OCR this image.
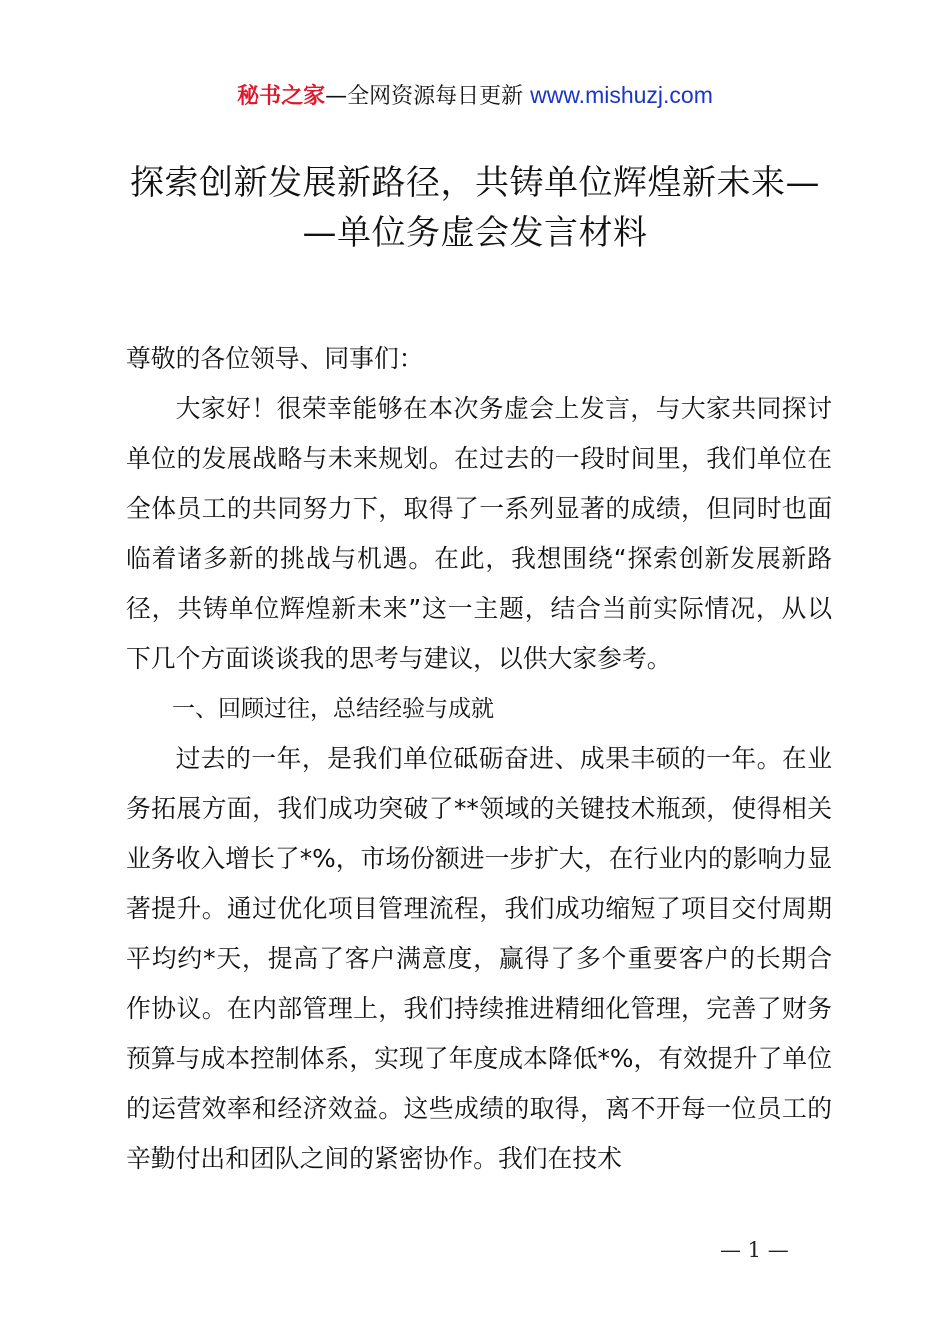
秘书之家—全网资源每日更新 www.mishuzj.com
探索创新发展新路径，共铸单位辉煌新未来—
—单位务虚会发言材料

尊敬的各位领导、同事们：

大家好！很荣幸能够在本次务虚会上发言，与大家共同探讨单位的发展战略与未来规划。在过去的一段时间里，我们单位在全体员工的共同努力下，取得了一系列显著的成绩，但同时也面临着诸多新的挑战与机遇。在此，我想围绕“探索创新发展新路径，共铸单位辉煌新未来”这一主题，结合当前实际情况，从以下几个方面谈谈我的思考与建议，以供大家参考。

一、回顾过往，总结经验与成就

过去的一年，是我们单位砥砺奋进、成果丰硕的一年。在业务拓展方面，我们成功突破了**领域的关键技术瓶颈，使得相关业务收入增长了*%，市场份额进一步扩大，在行业内的影响力显著提升。通过优化项目管理流程，我们成功缩短了项目交付周期平均约*天，提高了客户满意度，赢得了多个重要客户的长期合作协议。在内部管理上，我们持续推进精细化管理，完善了财务预算与成本控制体系，实现了年度成本降低*%，有效提升了单位的运营效率和经济效益。这些成绩的取得，离不开每一位员工的辛勤付出和团队之间的紧密协作。我们在技术

— 1 —
